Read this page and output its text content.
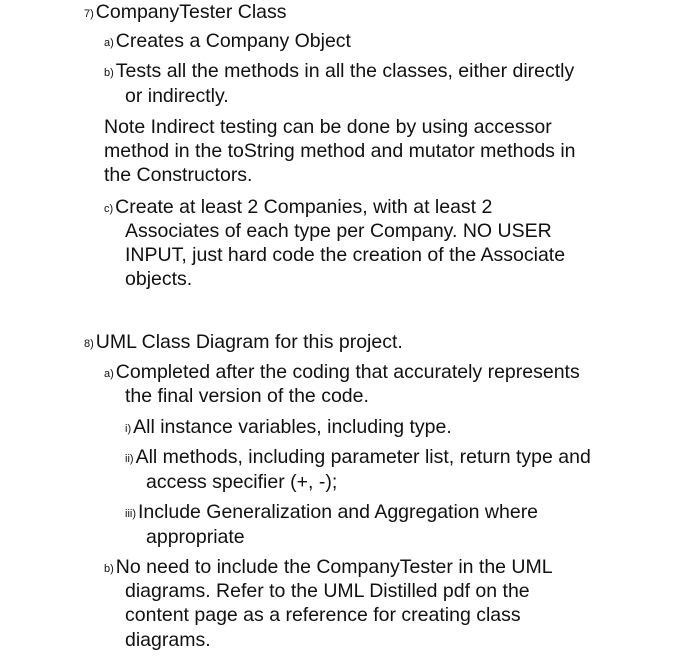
7) CompanyTester Class
a) Creates a Company Object
b) Tests all the methods in all the classes, either directly
or indirectly.
Note Indirect testing can be done by using accessor
method in the toString method and mutator methods in
the Constructors.
c) Create at least 2 Companies, with at least 2
Associates of each type per Company. NO USER
INPUT, just hard code the creation of the Associate
objects.
8) UML Class Diagram for this project.
a) Completed after the coding that accurately represents
the final version of the code.
i) All instance variables, including type.
ii) All methods, including parameter list, return type and
access specifier (+, -);
iii) Include Generalization and Aggregation where
appropriate
b) No need to include the CompanyTester in the UML
diagrams. Refer to the UML Distilled pdf on the
content page as a reference for creating class
diagrams.
